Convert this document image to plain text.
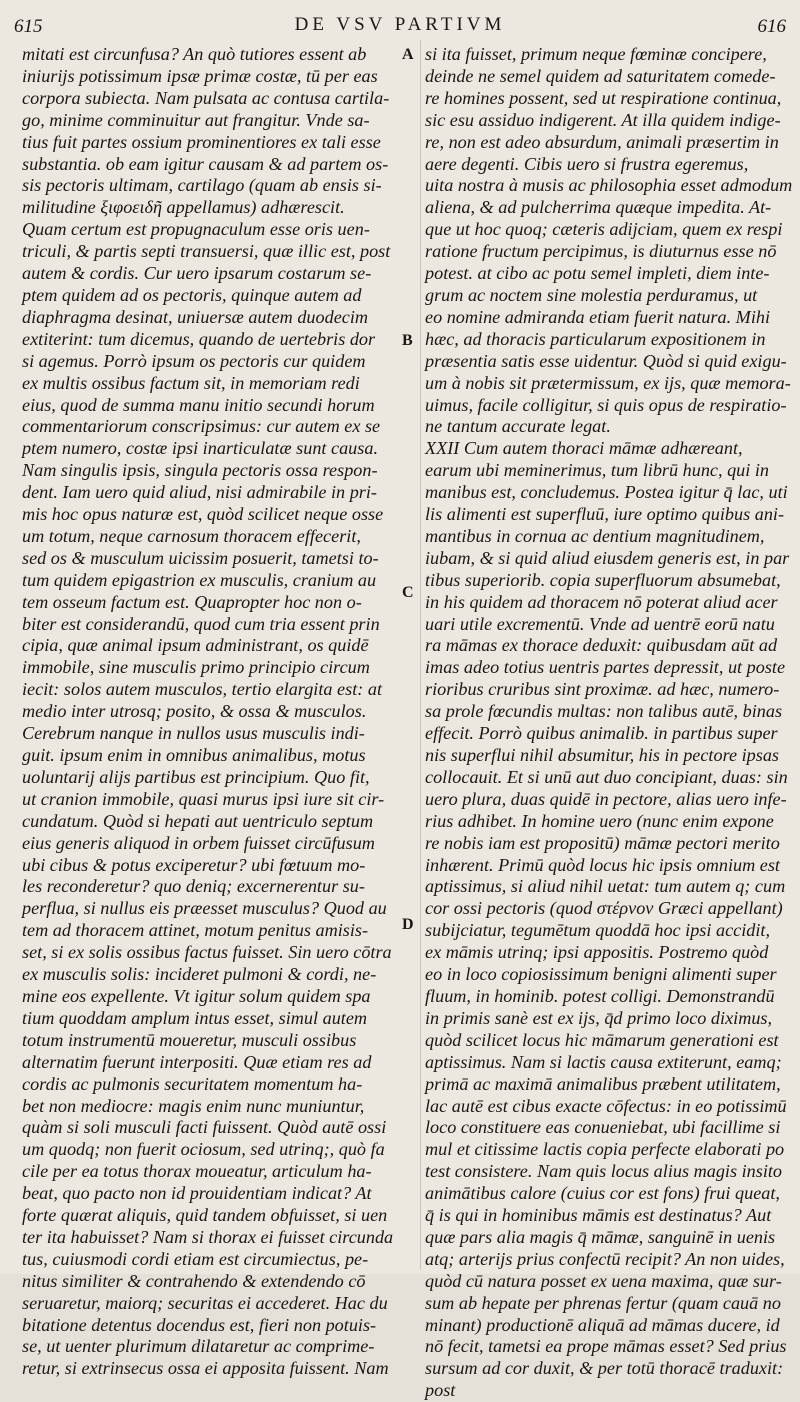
615	DE VSV PARTIVM	616
mitati est circunfusa? An quò tutiores essent ab
iniurijs potissimum ipsæ primæ costæ, tū per eas
corpora subiecta. Nam pulsata ac contusa cartila-
go, minime comminuitur aut frangitur. Vnde sa-
tius fuit partes ossium prominentiores ex tali esse
substantia. ob eam igitur causam & ad partem os-
sis pectoris ultimam, cartilago (quam ab ensis si-
militudine ξιφοειδῆ appellamus) adhærescit.
Quam certum est propugnaculum esse oris uen-
triculi, & partis septi transuersi, quæ illic est, post
autem & cordis. Cur uero ipsarum costarum se-
ptem quidem ad os pectoris, quinque autem ad
diaphragma desinat, uniuersæ autem duodecim
extiterint: tum dicemus, quando de uertebris dor
si agemus. Porrò ipsum os pectoris cur quidem
ex multis ossibus factum sit, in memoriam redi
eius, quod de summa manu initio secundi horum
commentariorum conscripsimus: cur autem ex se
ptem numero, costæ ipsi inarticulatæ sunt causa.
Nam singulis ipsis, singula pectoris ossa respon-
dent. Iam uero quid aliud, nisi admirabile in pri-
mis hoc opus naturæ est, quòd scilicet neque osse
um totum, neque carnosum thoracem effecerit,
sed os & musculum uicissim posuerit, tametsi to-
tum quidem epigastrion ex musculis, cranium au
tem osseum factum est. Quapropter hoc non o-
biter est considerandū, quod cum tria essent prin
cipia, quæ animal ipsum administrant, os quidē
immobile, sine musculis primo principio circum
iecit: solos autem musculos, tertio elargita est: at
medio inter utrosq; posito, & ossa & musculos.
Cerebrum nanque in nullos usus musculis indi-
guit. ipsum enim in omnibus animalibus, motus
uoluntarij alijs partibus est principium. Quo fit,
ut cranion immobile, quasi murus ipsi iure sit cir-
cundatum. Quòd si hepati aut uentriculo septum
eius generis aliquod in orbem fuisset circūfusum
ubi cibus & potus exciperetur? ubi fœtuum mo-
les reconderetur? quo deniq; excernerentur su-
perflua, si nullus eis præesset musculus? Quod au
tem ad thoracem attinet, motum penitus amisis-
set, si ex solis ossibus factus fuisset. Sin uero cōtra
ex musculis solis: incideret pulmoni & cordi, ne-
mine eos expellente. Vt igitur solum quidem spa
tium quoddam amplum intus esset, simul autem
totum instrumentū moueretur, musculi ossibus
alternatim fuerunt interpositi. Quæ etiam res ad
cordis ac pulmonis securitatem momentum ha-
bet non mediocre: magis enim nunc muniuntur,
quàm si soli musculi facti fuissent. Quòd autē ossi
um quodq; non fuerit ociosum, sed utrinq;, quò fa
cile per ea totus thorax moueatur, articulum ha-
beat, quo pacto non id prouidentiam indicat? At
forte quærat aliquis, quid tandem obfuisset, si uen
ter ita habuisset? Nam si thorax ei fuisset circunda
tus, cuiusmodi cordi etiam est circumiectus, pe-
nitus similiter & contrahendo & extendendo cō
seruaretur, maiorq; securitas ei accederet. Hac du
bitatione detentus docendus est, fieri non potuis-
se, ut uenter plurimum dilataretur ac comprime-
retur, si extrinsecus ossa ei apposita fuissent. Nam
si ita fuisset, primum neque fœminæ concipere,
deinde ne semel quidem ad saturitatem comede-
re homines possent, sed ut respiratione continua,
sic esu assiduo indigerent. At illa quidem indige-
re, non est adeo absurdum, animali præsertim in
aere degenti. Cibis uero si frustra egeremus,
uita nostra à musis ac philosophia esset admodum
aliena, & ad pulcherrima quæque impedita. At-
que ut hoc quoq; cæteris adijciam, quem ex respi
ratione fructum percipimus, is diuturnus esse nō
potest. at cibo ac potu semel impleti, diem inte-
grum ac noctem sine molestia perduramus, ut
eo nomine admiranda etiam fuerit natura. Mihi
hæc, ad thoracis particularum expositionem in
præsentia satis esse uidentur. Quòd si quid exigu-
um à nobis sit prætermissum, ex ijs, quæ memora-
uimus, facile colligitur, si quis opus de respiratio-
ne tantum accurate legat.
XXII Cum autem thoraci māmæ adhæreant,
earum ubi meminerimus, tum librū hunc, qui in
manibus est, concludemus. Postea igitur q̄ lac, uti
lis alimenti est superfluū, iure optimo quibus ani-
mantibus in cornua ac dentium magnitudinem,
iubam, & si quid aliud eiusdem generis est, in par
tibus superiorib. copia superfluorum absumebat,
in his quidem ad thoracem nō poterat aliud acer
uari utile excrementū. Vnde ad uentrē eorū natu
ra māmas ex thorace deduxit: quibusdam aūt ad
imas adeo totius uentris partes depressit, ut poste
rioribus cruribus sint proximæ. ad hæc, numero-
sa prole fœcundis multas: non talibus autē, binas
effecit. Porrò quibus animalib. in partibus super
nis superflui nihil absumitur, his in pectore ipsas
collocauit. Et si unū aut duo concipiant, duas: sin
uero plura, duas quidē in pectore, alias uero infe-
rius adhibet. In homine uero (nunc enim expone
re nobis iam est propositū) māmæ pectori merito
inhærent. Primū quòd locus hic ipsis omnium est
aptissimus, si aliud nihil uetat: tum autem q; cum
cor ossi pectoris (quod στέρνον Græci appellant)
subijciatur, tegumētum quoddā hoc ipsi accidit,
ex māmis utrinq; ipsi appositis. Postremo quòd
eo in loco copiosissimum benigni alimenti super
fluum, in hominib. potest colligi. Demonstrandū
in primis sanè est ex ijs, q̄d primo loco diximus,
quòd scilicet locus hic māmarum generationi est
aptissimus. Nam si lactis causa extiterunt, eamq;
primā ac maximā animalibus præbent utilitatem,
lac autē est cibus exacte cōfectus: in eo potissimū
loco constituere eas conueniebat, ubi facillime si
mul et citissime lactis copia perfecte elaborati po
test consistere. Nam quis locus alius magis insito
animātibus calore (cuius cor est fons) frui queat,
q̄ is qui in hominibus māmis est destinatus? Aut
quæ pars alia magis q̄ māmæ, sanguinē in uenis
atq; arterijs prius confectū recipit? An non uides,
quòd cū natura posset ex uena maxima, quæ sur-
sum ab hepate per phrenas fertur (quam cauā no
minant) productionē aliquā ad māmas ducere, id
nō fecit, tametsi ea prope māmas esset? Sed prius
sursum ad cor duxit, & per totū thoracē traduxit:
post
A
B
C
D
